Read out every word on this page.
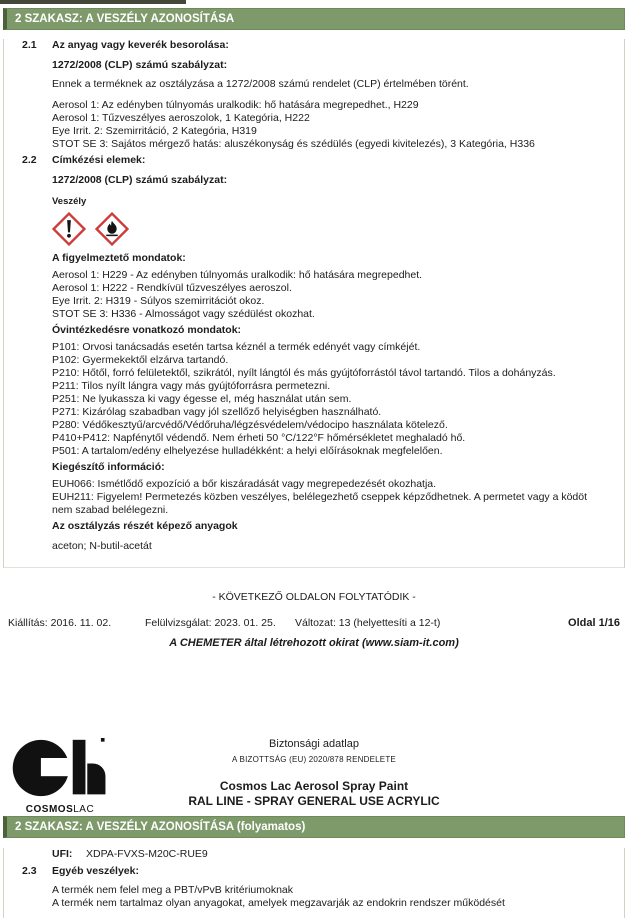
2 SZAKASZ: A VESZÉLY AZONOSÍTÁSA
2.1	Az anyag vagy keverék besorolása:
1272/2008 (CLP) számú szabályzat:
Ennek a terméknek az osztályzása a 1272/2008 számú rendelet (CLP) értelmében törént.
Aerosol 1: Az edényben túlnyomás uralkodik: hő hatására megrepedhet., H229
Aerosol 1: Tűzveszélyes aeroszolok, 1 Kategória, H222
Eye Irrit. 2: Szemirritáció, 2 Kategória, H319
STOT SE 3: Sajátos mérgező hatás: aluszékonyság és szédülés (egyedi kivitelezés), 3 Kategória, H336
2.2	Címkézési elemek:
1272/2008 (CLP) számú szabályzat:
Veszély
A figyelmeztető mondatok:
Aerosol 1: H229 - Az edényben túlnyomás uralkodik: hő hatására megrepedhet.
Aerosol 1: H222 - Rendkívül tűzveszélyes aeroszol.
Eye Irrit. 2: H319 - Súlyos szemirritációt okoz.
STOT SE 3: H336 - Almosságot vagy szédülést okozhat.
Óvintézkedésre vonatkozó mondatok:
P101: Orvosi tanácsadás esetén tartsa kéznél a termék edényét vagy címkéjét.
P102: Gyermekektől elzárva tartandó.
P210: Hőtől, forró felületektől, szikrától, nyílt lángtól és más gyújtóforrástól távol tartandó. Tilos a dohányzás.
P211: Tilos nyílt lángra vagy más gyújtóforrásra permetezni.
P251: Ne lyukassza ki vagy égesse el, még használat után sem.
P271: Kizárólag szabadban vagy jól szellőző helyiségben használható.
P280: Védőkesztyű/arcvédő/Védőruha/légzésvédelem/védocipo használata kötelező.
P410+P412: Napfénytől védendő. Nem érheti 50 °C/122°F hőmérsékletet meghaladó hő.
P501: A tartalom/edény elhelyezése hulladékként: a helyi előírásoknak megfelelően.
Kiegészítő információ:
EUH066: Ismétlődő expozíció a bőr kiszáradását vagy megrepedezését okozhatja.
EUH211: Figyelem! Permetezés közben veszélyes, belélegezhető cseppek képződhetnek. A permetet vagy a ködöt nem szabad belélegezni.
Az osztályzás részét képező anyagok
aceton; N-butil-acetát
- KÖVETKEZŐ OLDALON FOLYTATÓDIK -
Kiállítás: 2016. 11. 02.	Felülvizsgálat: 2023. 01. 25. Változat: 13 (helyettesíti a 12-t)	Oldal 1/16
A CHEMETER által létrehozott okirat (www.siam-it.com)
COSMOSLAC
Biztonsági adatlap
A BIZOTTSÁG (EU) 2020/878 RENDELETE
Cosmos Lac Aerosol Spray Paint
RAL LINE - SPRAY GENERAL USE ACRYLIC
2 SZAKASZ: A VESZÉLY AZONOSÍTÁSA (folyamatos)
UFI:	XDPA-FVXS-M20C-RUE9
2.3	Egyéb veszélyek:
A termék nem felel meg a PBT/vPvB kritériumoknak
A termék nem tartalmaz olyan anyagokat, amelyek megzavarják az endokrin rendszer működését
